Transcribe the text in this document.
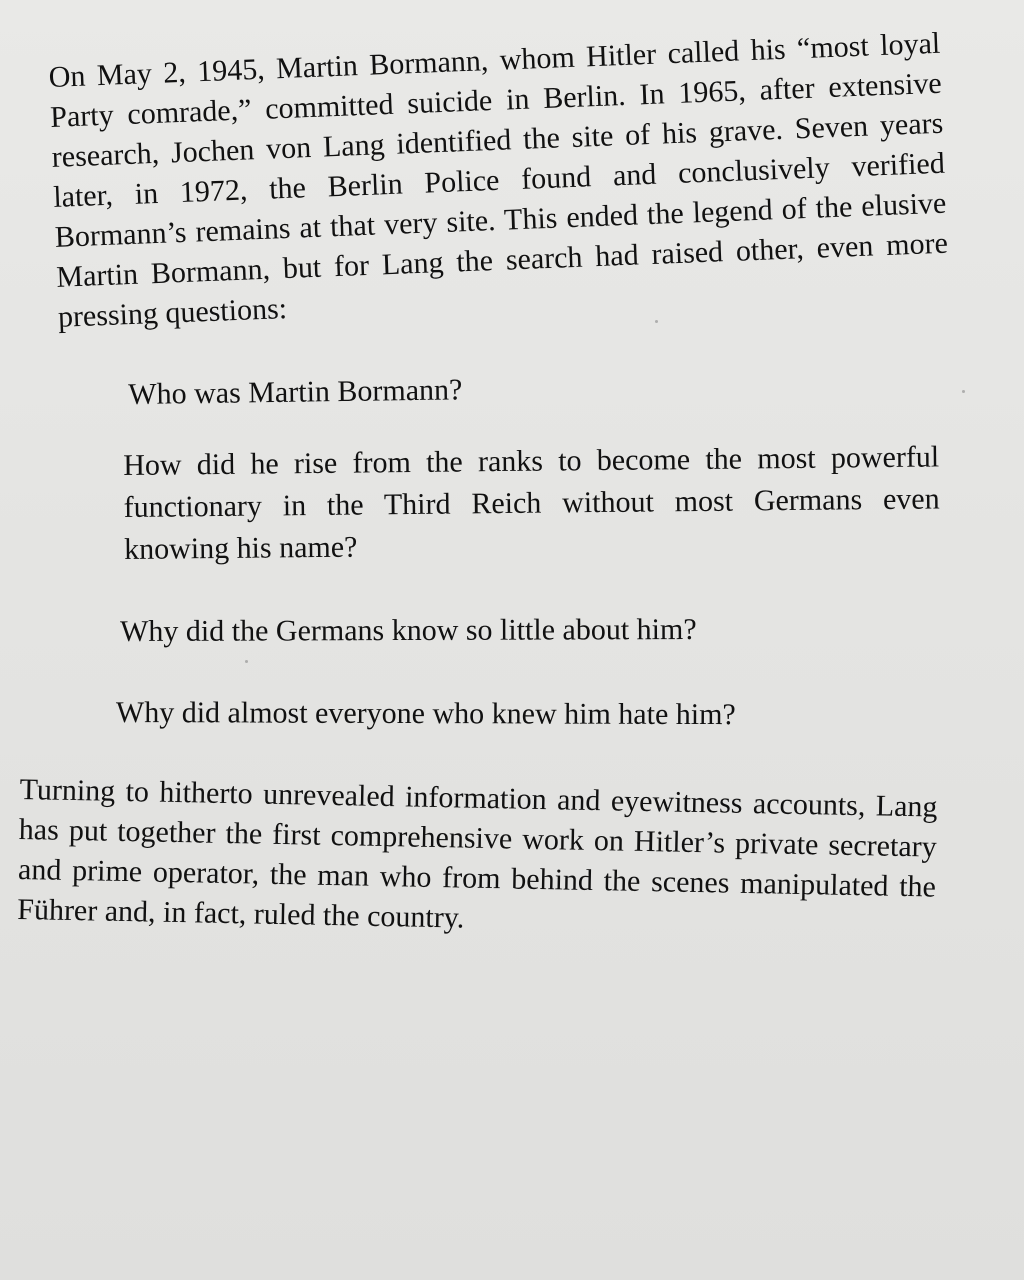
On May 2, 1945, Martin Bormann, whom Hitler called his “most loyal Party comrade,” committed suicide in Berlin. In 1965, after extensive research, Jochen von Lang identified the site of his grave. Seven years later, in 1972, the Berlin Police found and conclusively verified Bormann’s remains at that very site. This ended the legend of the elusive Martin Bormann, but for Lang the search had raised other, even more pressing questions:

Who was Martin Bormann?

How did he rise from the ranks to become the most powerful functionary in the Third Reich without most Germans even knowing his name?

Why did the Germans know so little about him?

Why did almost everyone who knew him hate him?

Turning to hitherto unrevealed information and eyewitness accounts, Lang has put together the first comprehensive work on Hitler’s private secretary and prime operator, the man who from behind the scenes manipulated the Führer and, in fact, ruled the country.
